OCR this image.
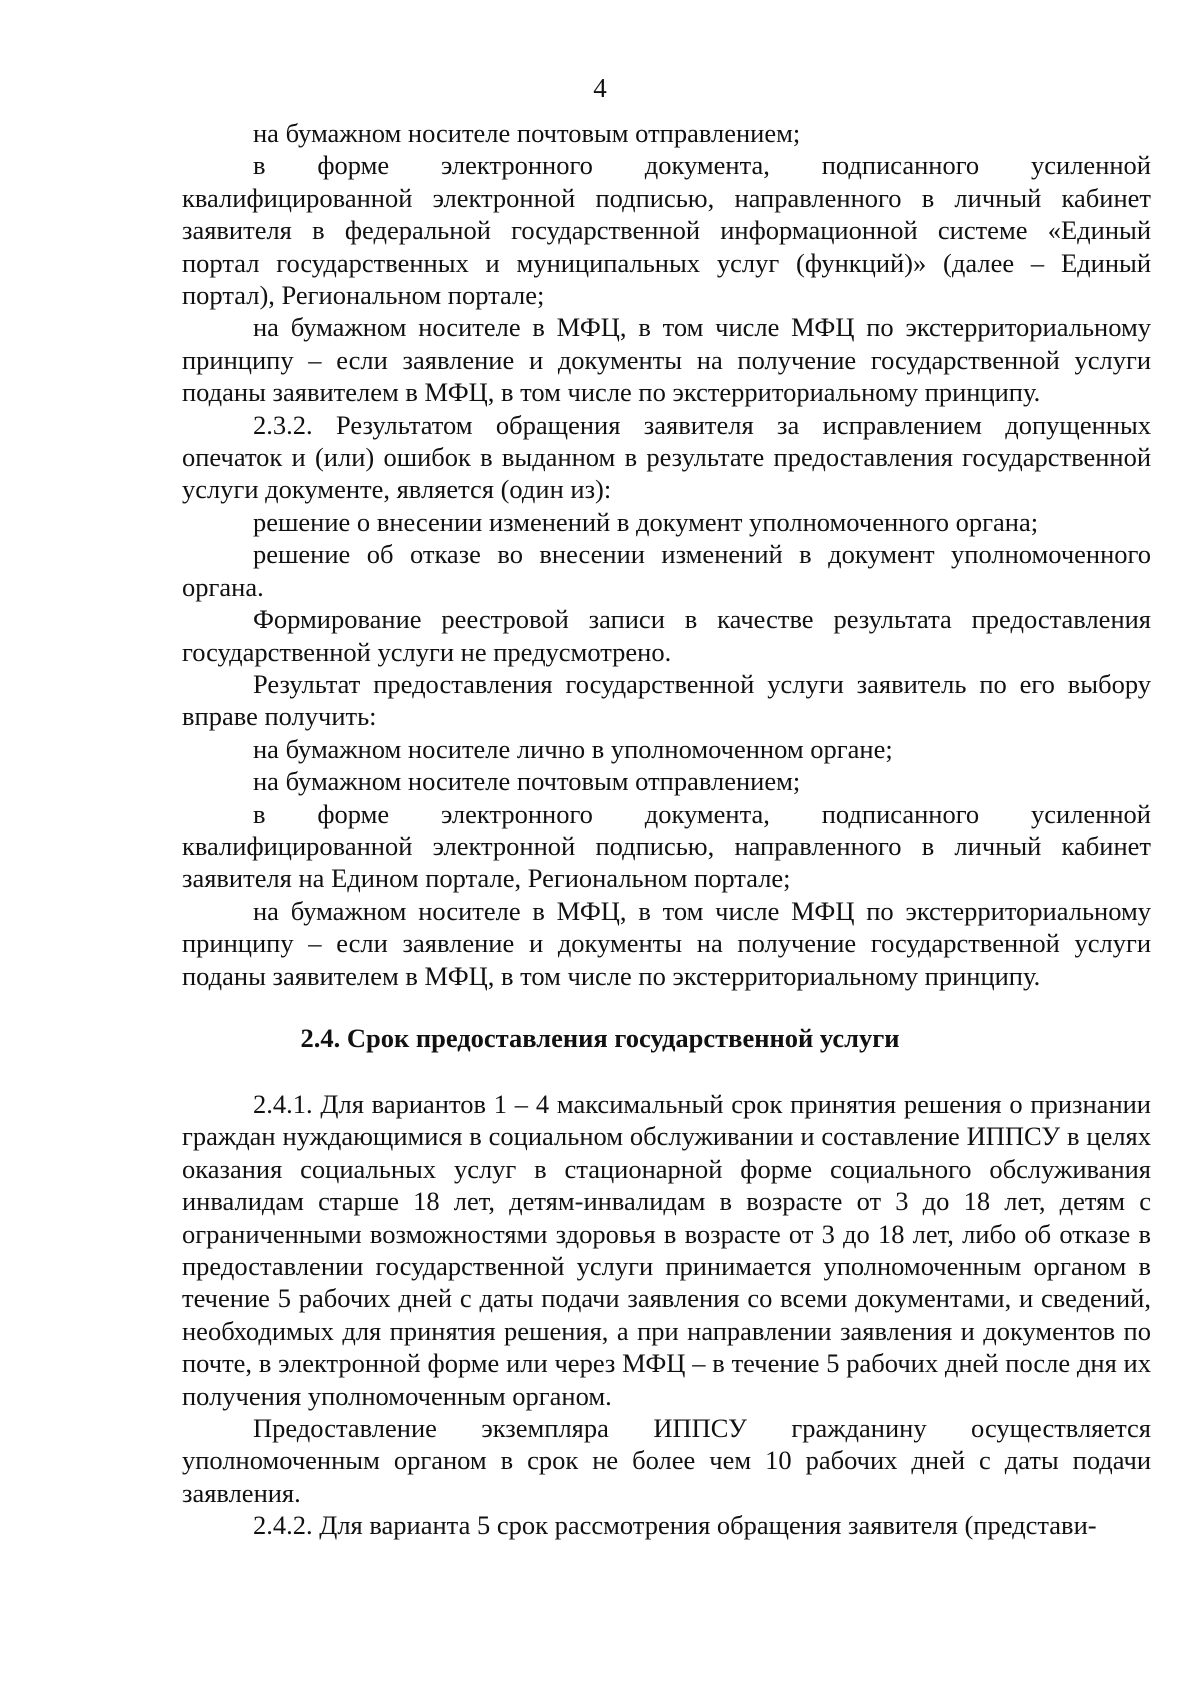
4

на бумажном носителе почтовым отправлением;

в форме электронного документа, подписанного усиленной квалифицированной электронной подписью, направленного в личный кабинет заявителя в федеральной государственной информационной системе «Единый портал государственных и муниципальных услуг (функций)» (далее – Единый портал), Региональном портале;

на бумажном носителе в МФЦ, в том числе МФЦ по экстерриториальному принципу – если заявление и документы на получение государственной услуги поданы заявителем в МФЦ, в том числе по экстерриториальному принципу.

2.3.2. Результатом обращения заявителя за исправлением допущенных опечаток и (или) ошибок в выданном в результате предоставления государственной услуги документе, является (один из):

решение о внесении изменений в документ уполномоченного органа;

решение об отказе во внесении изменений в документ уполномоченного органа.

Формирование реестровой записи в качестве результата предоставления государственной услуги не предусмотрено.

Результат предоставления государственной услуги заявитель по его выбору вправе получить:

на бумажном носителе лично в уполномоченном органе;

на бумажном носителе почтовым отправлением;

в форме электронного документа, подписанного усиленной квалифицированной электронной подписью, направленного в личный кабинет заявителя на Едином портале, Региональном портале;

на бумажном носителе в МФЦ, в том числе МФЦ по экстерриториальному принципу – если заявление и документы на получение государственной услуги поданы заявителем в МФЦ, в том числе по экстерриториальному принципу.

2.4. Срок предоставления государственной услуги

2.4.1. Для вариантов 1 – 4 максимальный срок принятия решения о признании граждан нуждающимися в социальном обслуживании и составление ИППСУ в целях оказания социальных услуг в стационарной форме социального обслуживания инвалидам старше 18 лет, детям-инвалидам в возрасте от 3 до 18 лет, детям с ограниченными возможностями здоровья в возрасте от 3 до 18 лет, либо об отказе в предоставлении государственной услуги принимается уполномоченным органом в течение 5 рабочих дней с даты подачи заявления со всеми документами, и сведений, необходимых для принятия решения, а при направлении заявления и документов по почте, в электронной форме или через МФЦ – в течение 5 рабочих дней после дня их получения уполномоченным органом.

Предоставление экземпляра ИППСУ гражданину осуществляется уполномоченным органом в срок не более чем 10 рабочих дней с даты подачи заявления.

2.4.2. Для варианта 5 срок рассмотрения обращения заявителя (представи-
